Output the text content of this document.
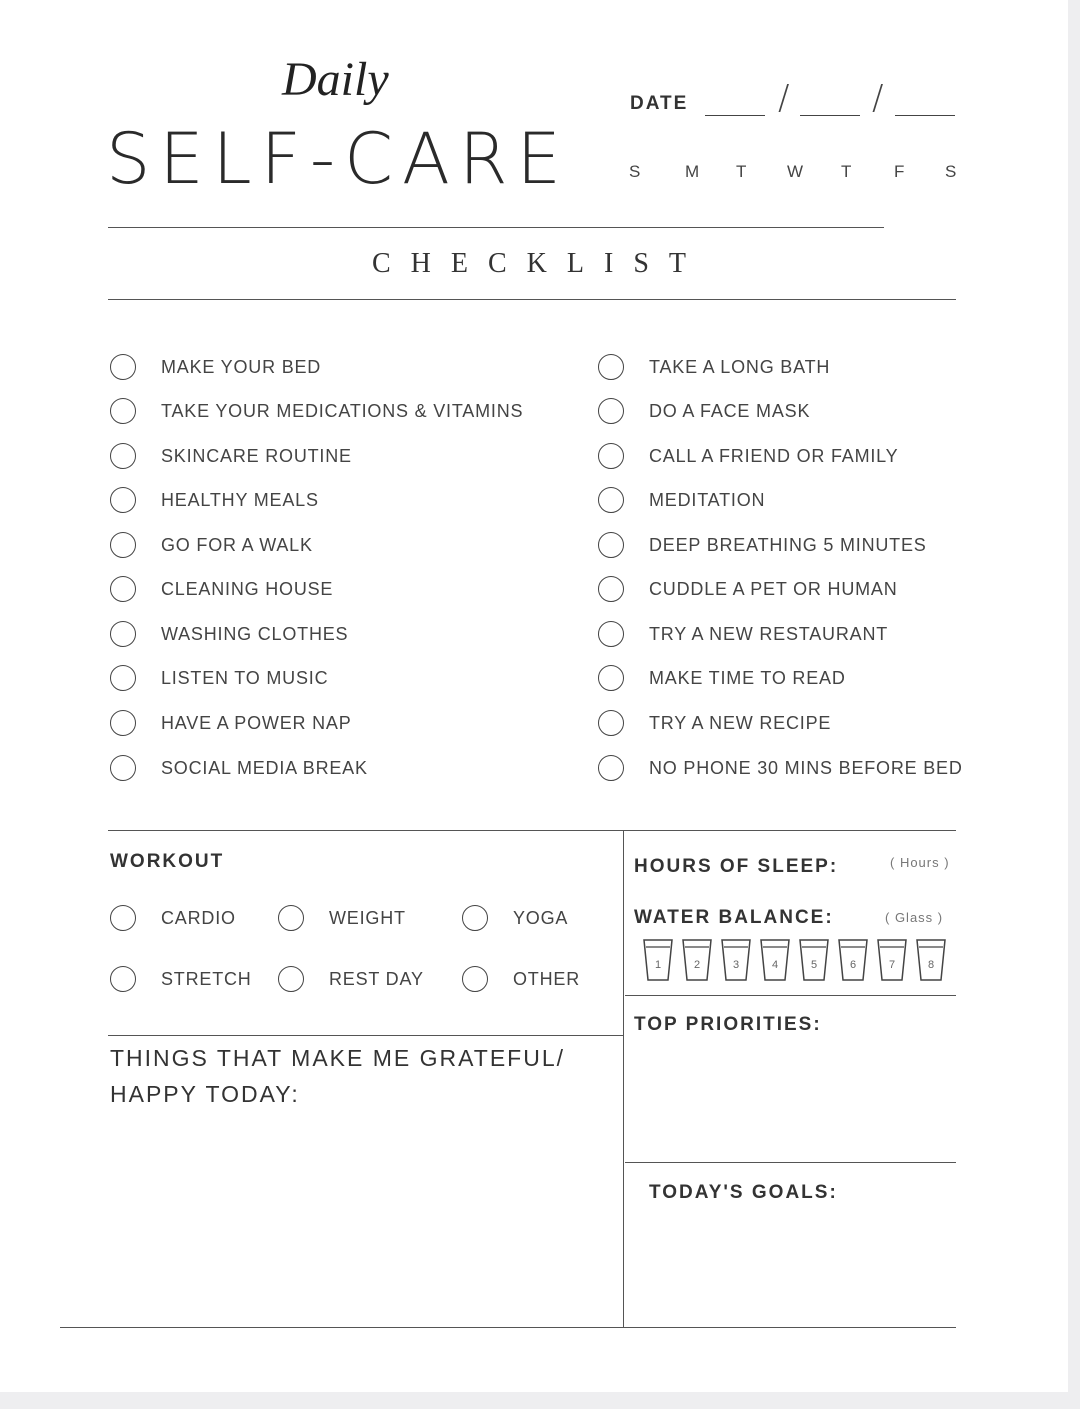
Daily
SELF-CARE
DATE	/ /
S	M T W T	F S
CHECKLIST
MAKE YOUR BED
TAKE YOUR MEDICATIONS & VITAMINS
SKINCARE ROUTINE
HEALTHY MEALS
GO FOR A WALK
CLEANING HOUSE
WASHING CLOTHES
LISTEN TO MUSIC
HAVE A POWER NAP
SOCIAL MEDIA BREAK
TAKE A LONG BATH
DO A FACE MASK
CALL A FRIEND OR FAMILY
MEDITATION
DEEP BREATHING 5 MINUTES
CUDDLE A PET OR HUMAN
TRY A NEW RESTAURANT
MAKE TIME TO READ
TRY A NEW RECIPE
NO PHONE 30 MINS BEFORE BED
WORKOUT
CARDIO	WEIGHT	YOGA
STRETCH	REST DAY	OTHER
HOURS OF SLEEP:	( Hours )
WATER BALANCE:	( Glass )
1	2	3	4	5	6	7	8
THINGS THAT MAKE ME GRATEFUL/ HAPPY TODAY:
TOP PRIORITIES:
TODAY'S GOALS:
